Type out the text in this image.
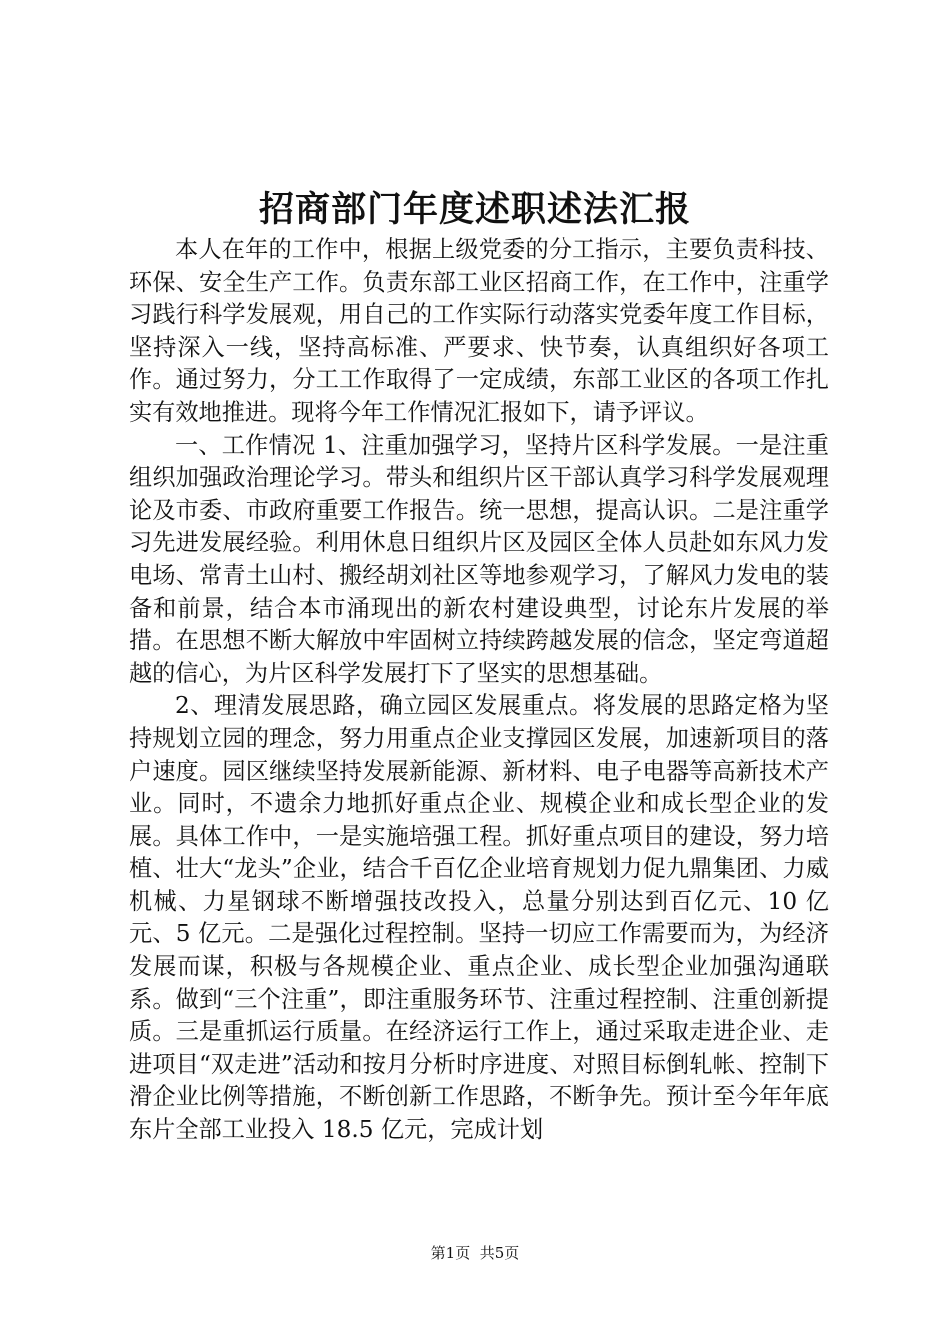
招商部门年度述职述法汇报

本人在年的工作中，根据上级党委的分工指示，主要负责科技、环保、安全生产工作。负责东部工业区招商工作，在工作中，注重学习践行科学发展观，用自己的工作实际行动落实党委年度工作目标，坚持深入一线，坚持高标准、严要求、快节奏，认真组织好各项工作。通过努力，分工工作取得了一定成绩，东部工业区的各项工作扎实有效地推进。现将今年工作情况汇报如下，请予评议。

一、工作情况 1、注重加强学习，坚持片区科学发展。一是注重组织加强政治理论学习。带头和组织片区干部认真学习科学发展观理论及市委、市政府重要工作报告。统一思想，提高认识。二是注重学习先进发展经验。利用休息日组织片区及园区全体人员赴如东风力发电场、常青土山村、搬经胡刘社区等地参观学习，了解风力发电的装备和前景，结合本市涌现出的新农村建设典型，讨论东片发展的举措。在思想不断大解放中牢固树立持续跨越发展的信念，坚定弯道超越的信心，为片区科学发展打下了坚实的思想基础。

2、理清发展思路，确立园区发展重点。将发展的思路定格为坚持规划立园的理念，努力用重点企业支撑园区发展，加速新项目的落户速度。园区继续坚持发展新能源、新材料、电子电器等高新技术产业。同时，不遗余力地抓好重点企业、规模企业和成长型企业的发展。具体工作中，一是实施培强工程。抓好重点项目的建设，努力培植、壮大“龙头”企业，结合千百亿企业培育规划力促九鼎集团、力威机械、力星钢球不断增强技改投入，总量分别达到百亿元、10 亿元、5 亿元。二是强化过程控制。坚持一切应工作需要而为，为经济发展而谋，积极与各规模企业、重点企业、成长型企业加强沟通联系。做到“三个注重”，即注重服务环节、注重过程控制、注重创新提质。三是重抓运行质量。在经济运行工作上，通过采取走进企业、走进项目“双走进”活动和按月分析时序进度、对照目标倒轧帐、控制下滑企业比例等措施，不断创新工作思路，不断争先。预计至今年年底东片全部工业投入 18.5 亿元，完成计划

第1页 共5页
